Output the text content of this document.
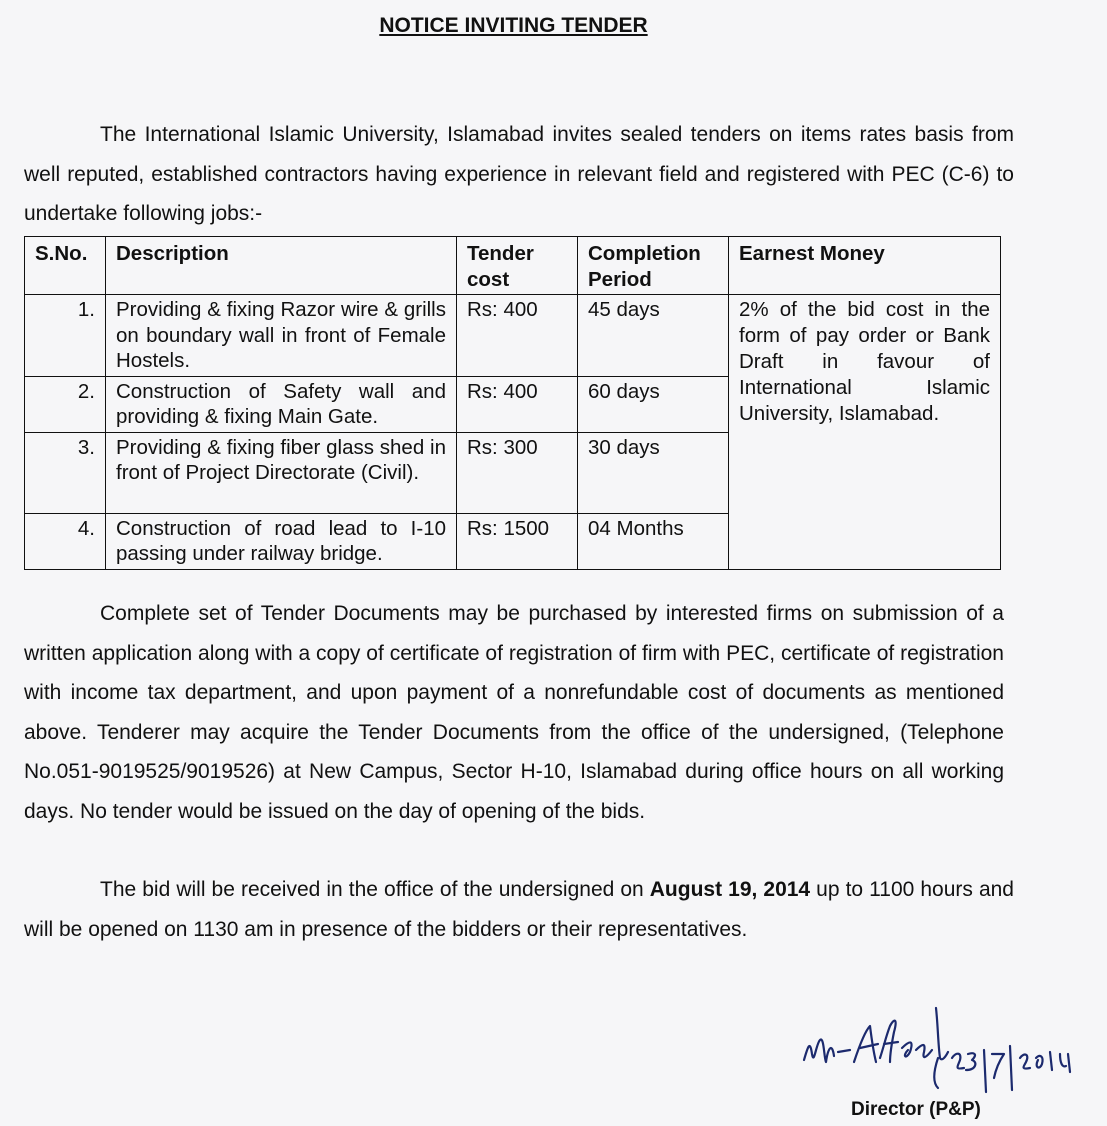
NOTICE INVITING TENDER
The International Islamic University, Islamabad invites sealed tenders on items rates basis from well reputed, established contractors having experience in relevant field and registered with PEC (C-6) to undertake following jobs:-
S.No.	Description	Tender cost	Completion Period	Earnest Money
1.	Providing & fixing Razor wire & grills on boundary wall in front of Female Hostels.	Rs: 400	45 days	2% of the bid cost in the form of pay order or Bank Draft in favour of International Islamic University, Islamabad.
2.	Construction of Safety wall and providing & fixing Main Gate.	Rs: 400	60 days	
3.	Providing & fixing fiber glass shed in front of Project Directorate (Civil).	Rs: 300	30 days	
4.	Construction of road lead to I-10 passing under railway bridge.	Rs: 1500	04 Months	
Complete set of Tender Documents may be purchased by interested firms on submission of a written application along with a copy of certificate of registration of firm with PEC, certificate of registration with income tax department, and upon payment of a nonrefundable cost of documents as mentioned above. Tenderer may acquire the Tender Documents from the office of the undersigned, (Telephone No.051-9019525/9019526) at New Campus, Sector H-10, Islamabad during office hours on all working days. No tender would be issued on the day of opening of the bids.
The bid will be received in the office of the undersigned on August 19, 2014 up to 1100 hours and will be opened on 1130 am in presence of the bidders or their representatives.
Director (P&P)
